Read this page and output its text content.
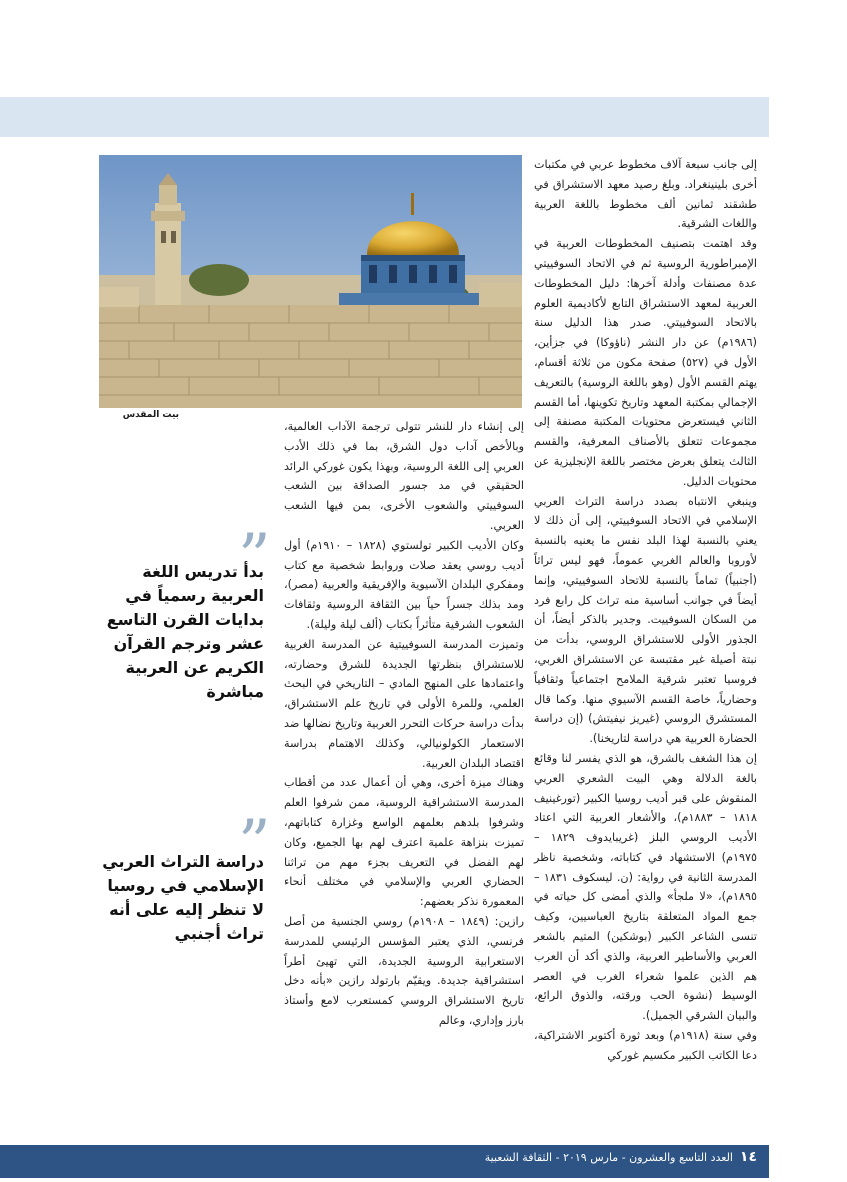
بيت المقدس
”
بدأ تدريس اللغة العربية رسمياً في بدايات القرن التاسع عشر وترجم القرآن الكريم عن العربية مباشرة
”
دراسة التراث العربي الإسلامي في روسيا لا تنظر إليه على أنه تراث أجنبي

إلى جانب سبعة آلاف مخطوط عربي في مكتبات أخرى بلينينغراد. وبلغ رصيد معهد الاستشراق في طشقند ثمانين ألف مخطوط باللغة العربية واللغات الشرقية.

وقد اهتمت بتصنيف المخطوطات العربية في الإمبراطورية الروسية ثم في الاتحاد السوفييتي عدة مصنفات وأدلة آخرها: دليل المخطوطات العربية لمعهد الاستشراق التابع لأكاديمية العلوم بالاتحاد السوفييتي. صدر هذا الدليل سنة (١٩٨٦م) عن دار النشر (ناؤوكا) في جزأين، الأول في (٥٢٧) صفحة مكون من ثلاثة أقسام، يهتم القسم الأول (وهو باللغة الروسية) بالتعريف الإجمالي بمكتبة المعهد وتاريخ تكوينها، أما القسم الثاني فيستعرض محتويات المكتبة مصنفة إلى مجموعات تتعلق بالأصناف المعرفية، والقسم الثالث يتعلق بعرض مختصر باللغة الإنجليزية عن محتويات الدليل.

وينبغي الانتباه بصدد دراسة التراث العربي الإسلامي في الاتحاد السوفييتي، إلى أن ذلك لا يعني بالنسبة لهذا البلد نفس ما يعنيه بالنسبة لأوروبا والعالم الغربي عموماً، فهو ليس تراثاً (أجنبياً) تماماً بالنسبة للاتحاد السوفييتي، وإنما أيضاً في جوانب أساسية منه تراث كل رابع فرد من السكان السوفييت. وجدير بالذكر أيضاً، أن الجذور الأولى للاستشراق الروسي، بدأت من نبتة أصيلة غير مقتبسة عن الاستشراق الغربي، فروسيا تعتبر شرقية الملامح اجتماعياً وثقافياً وحضارياً، خاصة القسم الآسيوي منها. وكما قال المستشرق الروسي (غيريز نيفيتش) (إن دراسة الحضارة العربية هي دراسة لتاريخنا).

إن هذا الشغف بالشرق، هو الذي يفسر لنا وقائع بالغة الدلالة وهي البيت الشعري العربي المنقوش على قبر أديب روسيا الكبير (تورغينيف ١٨١٨ – ١٨٨٣م)، والأشعار العربية التي اعتاد الأديب الروسي البلز (غريبايدوف ١٨٢٩ – ١٩٧٥م) الاستشهاد في كتاباته، وشخصية ناظر المدرسة الثانية في رواية: (ن. ليسكوف ١٨٣١ – ١٨٩٥م)، «لا ملجأ» والذي أمضى كل حياته في جمع المواد المتعلقة بتاريخ العباسيين، وكيف تنسى الشاعر الكبير (بوشكين) المتيم بالشعر العربي والأساطير العربية، والذي أكد أن العرب هم الذين علموا شعراء الغرب في العصر الوسيط (نشوة الحب ورقته، والذوق الرائع، والبيان الشرقي الجميل).

وفي سنة (١٩١٨م) وبعد ثورة أكتوبر الاشتراكية، دعا الكاتب الكبير مكسيم غوركي

إلى إنشاء دار للنشر تتولى ترجمة الآداب العالمية، وبالأخص آداب دول الشرق، بما في ذلك الأدب العربي إلى اللغة الروسية، وبهذا يكون غوركي الرائد الحقيقي في مد جسور الصداقة بين الشعب السوفييتي والشعوب الأخرى، بمن فيها الشعب العربي.

وكان الأديب الكبير تولستوي (١٨٢٨ – ١٩١٠م) أول أديب روسي يعقد صلات وروابط شخصية مع كتاب ومفكري البلدان الآسيوية والإفريقية والعربية (مصر)، ومد بذلك جسراً حياً بين الثقافة الروسية وثقافات الشعوب الشرقية متأثراً بكتاب (ألف ليلة وليلة).

وتميزت المدرسة السوفييتية عن المدرسة الغربية للاستشراق بنظرتها الجديدة للشرق وحضارته، واعتمادها على المنهج المادي – التاريخي في البحث العلمي، وللمرة الأولى في تاريخ علم الاستشراق، بدأت دراسة حركات التحرر العربية وتاريخ نضالها ضد الاستعمار الكولونيالي، وكذلك الاهتمام بدراسة اقتصاد البلدان العربية.

وهناك ميزة أخرى، وهي أن أعمال عدد من أقطاب المدرسة الاستشراقية الروسية، ممن شرفوا العلم وشرفوا بلدهم بعلمهم الواسع وغزارة كتاباتهم، تميزت بنزاهة علمية اعترف لهم بها الجميع، وكان لهم الفضل في التعريف بجزء مهم من تراثنا الحضاري العربي والإسلامي في مختلف أنحاء المعمورة نذكر بعضهم:

رازين: (١٨٤٩ – ١٩٠٨م) روسي الجنسية من أصل فرنسي، الذي يعتبر المؤسس الرئيسي للمدرسة الاستعرابية الروسية الجديدة، التي تهيئ أطراً استشراقية جديدة. ويقيّم بارتولد رازين «بأنه دخل تاريخ الاستشراق الروسي كمستعرب لامع وأستاذ بارز وإداري، وعالم

١٤
العدد التاسع والعشرون - مارس ٢٠١٩ - الثقافة الشعبية
